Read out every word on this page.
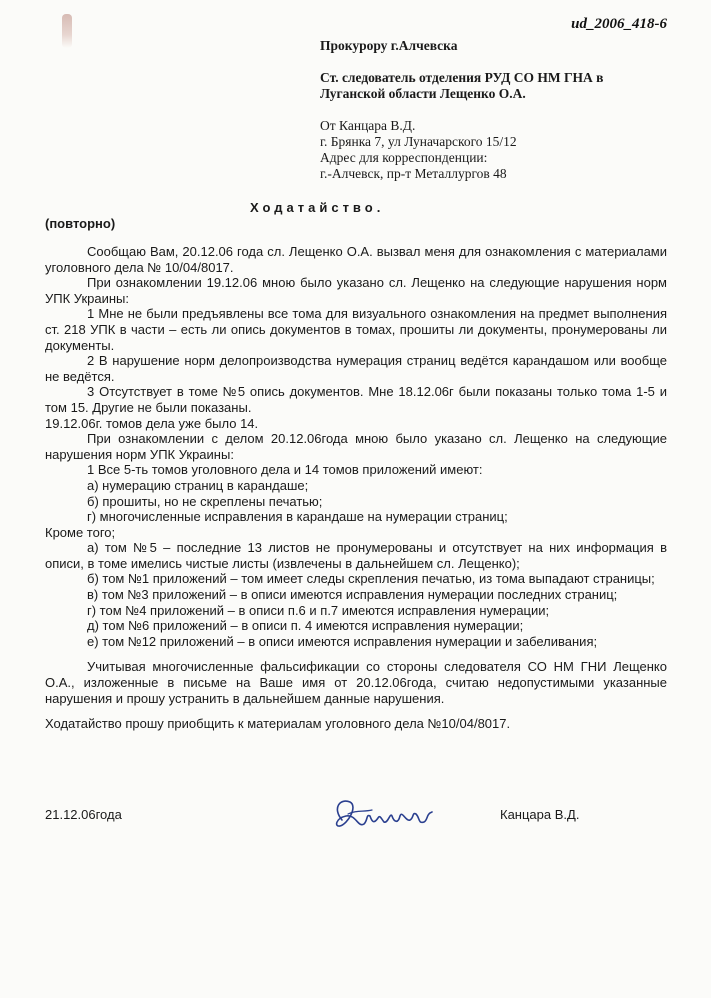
ud_2006_418-6
Прокурору г.Алчевска
Ст. следователь отделения РУД СО НМ ГНА в
Луганской области Лещенко О.А.
От Канцара В.Д.
г. Брянка 7, ул Луначарского 15/12
Адрес для корреспонденции:
г.-Алчевск, пр-т Металлургов 48
Ходатайство.
(повторно)

Сообщаю Вам, 20.12.06 года сл. Лещенко О.А. вызвал меня для ознакомления с материалами уголовного дела № 10/04/8017.

При ознакомлении 19.12.06 мною было указано сл. Лещенко на следующие нарушения норм УПК Украины:

1 Мне не были предъявлены все тома для визуального ознакомления на предмет выполнения ст. 218 УПК в части – есть ли опись документов в томах, прошиты ли документы, пронумерованы ли документы.

2 В нарушение норм делопроизводства нумерация страниц ведётся карандашом или вообще не ведётся.

3 Отсутствует в томе №5 опись документов. Мне 18.12.06г были показаны только тома 1-5 и том 15. Другие не были показаны.

19.12.06г. томов дела уже было 14.

При ознакомлении с делом 20.12.06года мною было указано сл. Лещенко на следующие нарушения норм УПК Украины:

1 Все 5-ть томов уголовного дела и 14 томов приложений имеют:

а) нумерацию страниц в карандаше;

б) прошиты, но не скреплены печатью;

г) многочисленные исправления в карандаше на нумерации страниц;

Кроме того;

а) том №5 – последние 13 листов не пронумерованы и отсутствует на них информация в описи, в томе имелись чистые листы (извлечены в дальнейшем сл. Лещенко);

б) том №1 приложений – том имеет следы скрепления печатью, из тома выпадают страницы;

в) том №3 приложений – в описи имеются исправления нумерации последних страниц;

г) том №4 приложений – в описи п.6 и п.7 имеются исправления нумерации;

д) том №6 приложений – в описи п. 4 имеются исправления нумерации;

е) том №12 приложений – в описи имеются исправления нумерации и забеливания;

Учитывая многочисленные фальсификации со стороны следователя СО НМ ГНИ Лещенко О.А., изложенные в письме на Ваше имя от 20.12.06года, считаю недопустимыми указанные нарушения и прошу устранить в дальнейшем данные нарушения.

Ходатайство прошу приобщить к материалам уголовного дела №10/04/8017.

21.12.06года	Канцара В.Д.
